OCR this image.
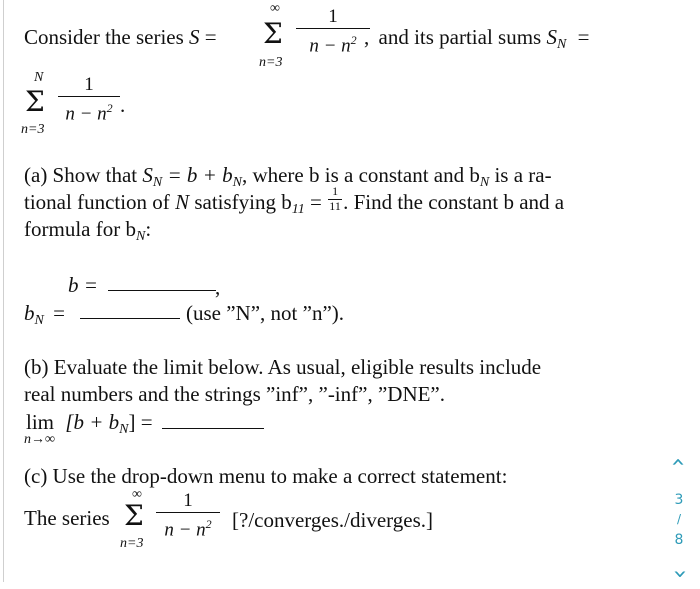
Consider the series S =
∞
Σ
n=3
1
$n - n^2$ , and its partial sums $S_N$ =
N
Σ
n=3
1
$n - n^2$ .
(a) Show that $S_N = b + b_N$, where b is a constant and $b_N$ is a ra-
tional function of N satisfying $b_{11} = \frac{1}{11}$ . Find the constant b and a
formula for $b_N$:
b =	,
$b_N$ =	(use ”N”, not ”n”).
(b) Evaluate the limit below. As usual, eligible results include
real numbers and the strings ”inf”, ”-inf”, ”DNE”.
$\lim [b + b_N]$ =
n→∞
(c) Use the drop-down menu to make a correct statement:
The series
∞
Σ
n=3
1
$n - n^2$ [?/converges./diverges.]
‹
3
/
8
‹
